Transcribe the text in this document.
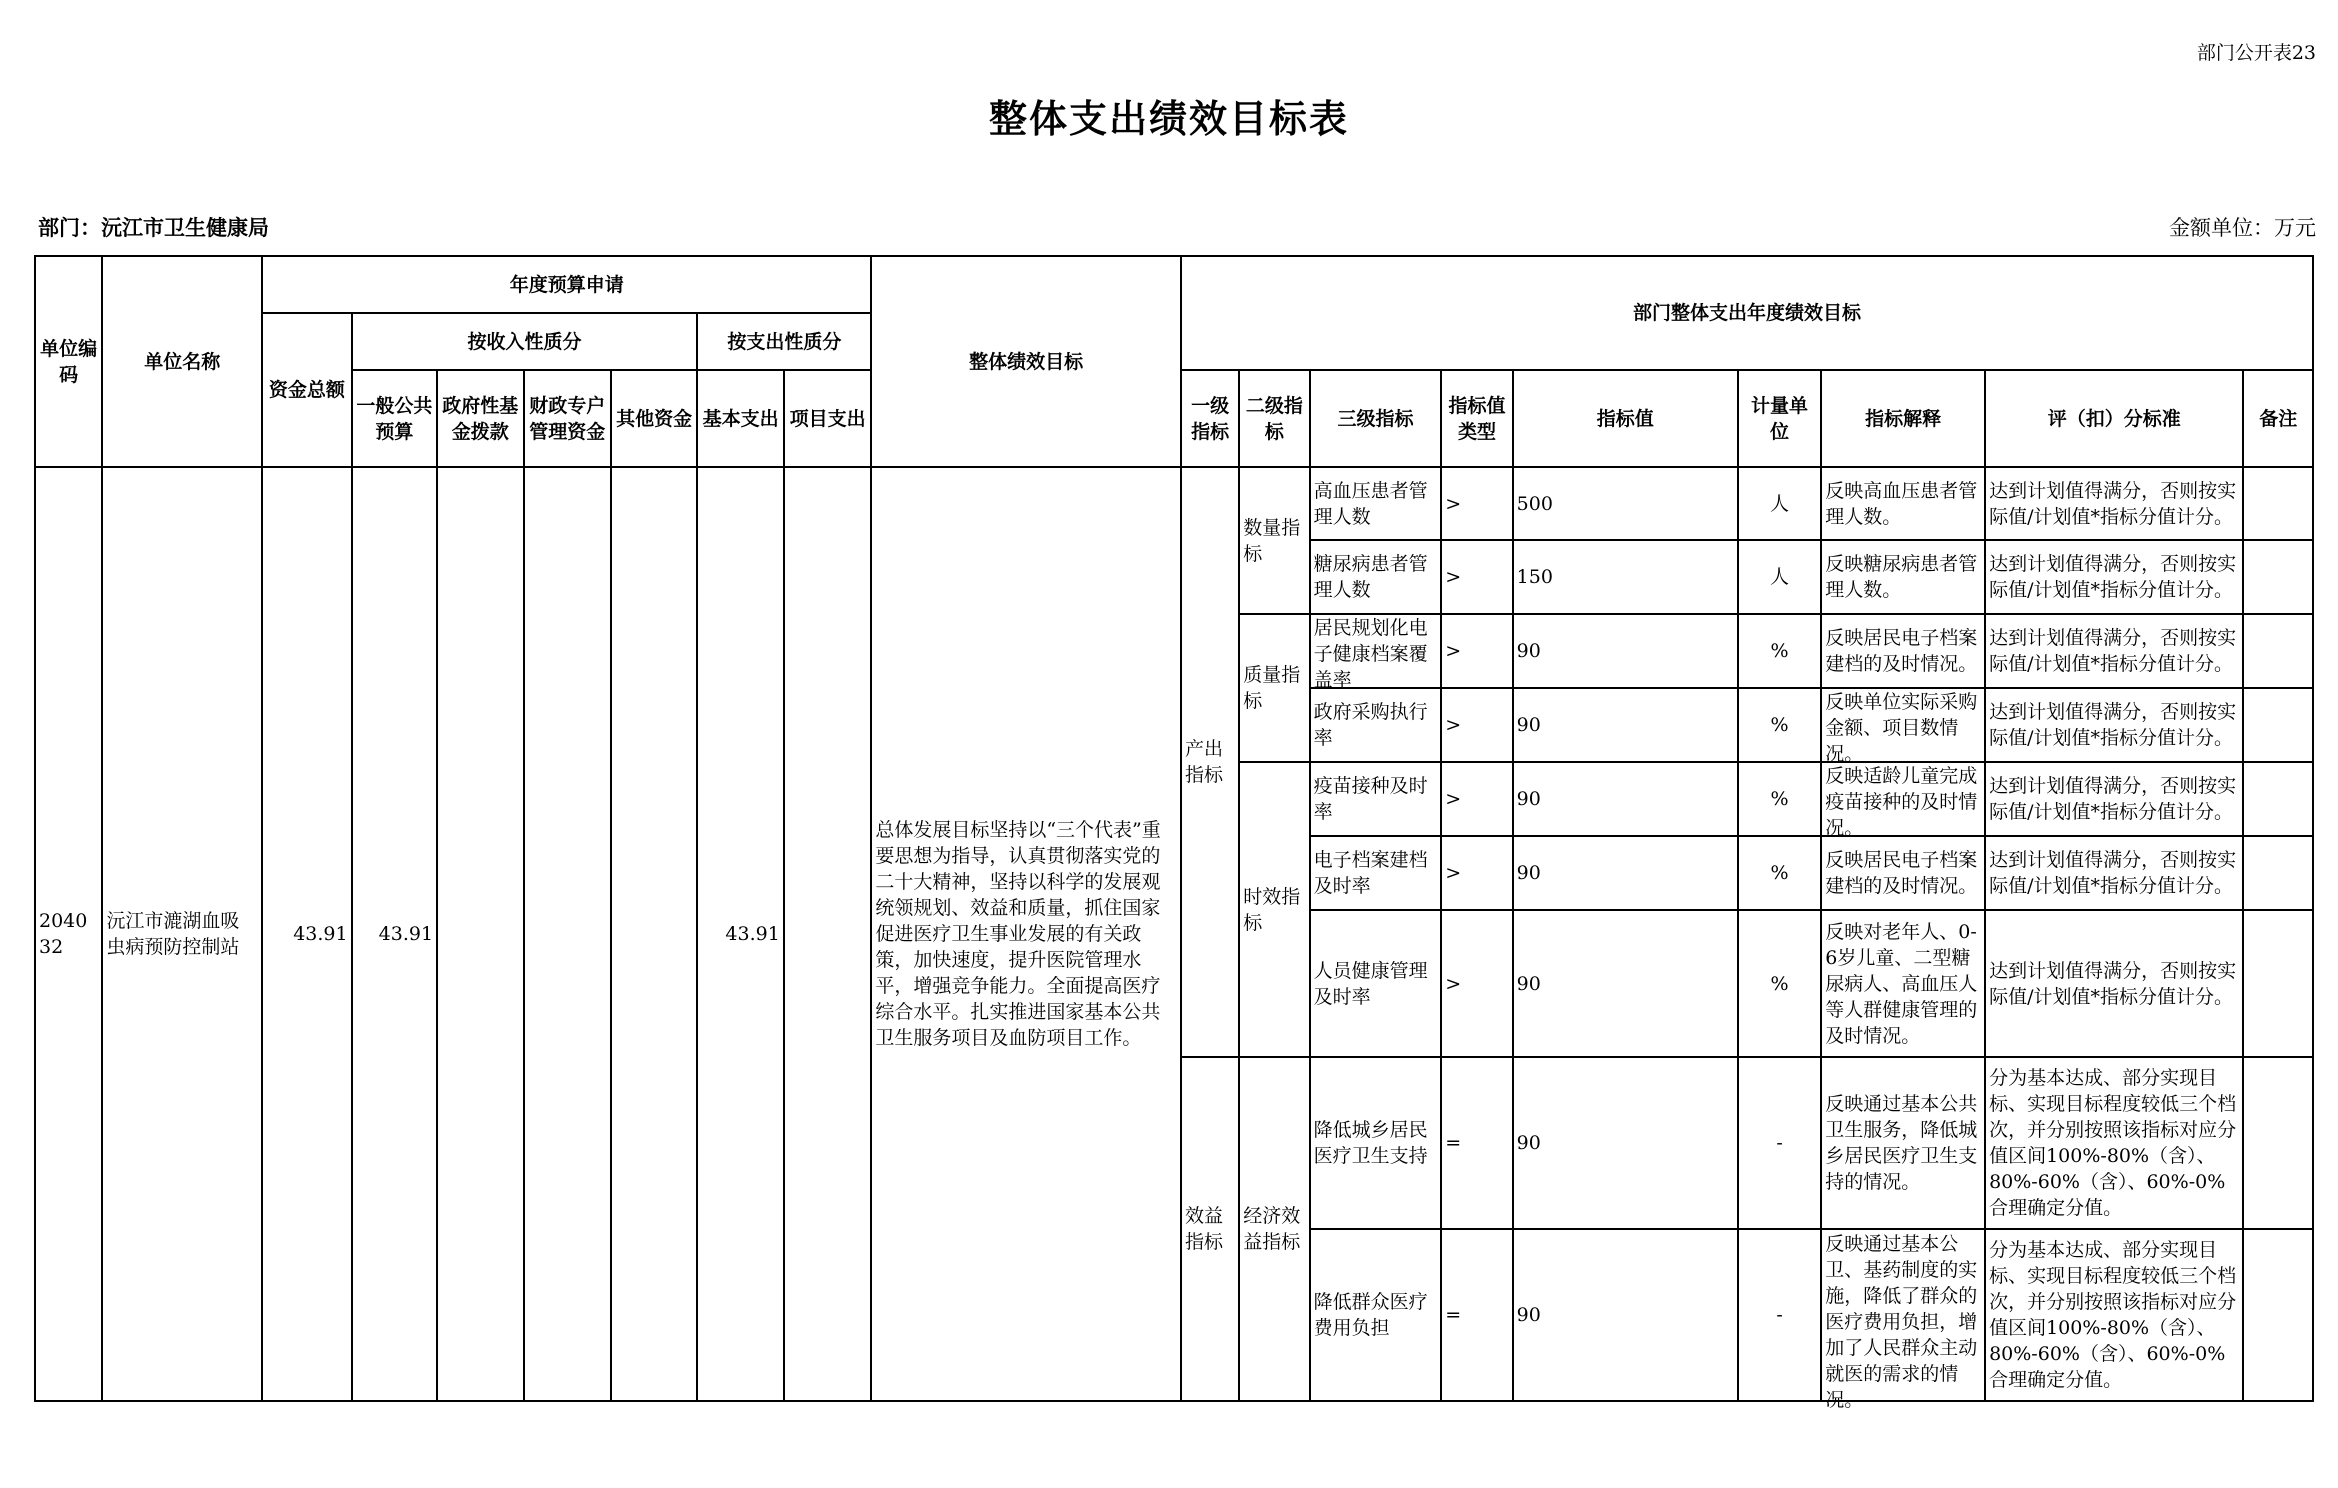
部门公开表23
整体支出绩效目标表
部门：沅江市卫生健康局	金额单位：万元
单位编码	单位名称	年度预算申请							整体绩效目标	部门整体支出年度绩效目标								
		资金总额	按收入性质分				按支出性质分											
			一般公共预算	政府性基金拨款	财政专户管理资金	其他资金	基本支出	项目支出		一级指标	二级指标	三级指标	指标值类型	指标值	计量单位	指标解释	评（扣）分标准	备注
204032	沅江市漉湖血吸虫病预防控制站	43.91	43.91				43.91		总体发展目标坚持以“三个代表”重要思想为指导，认真贯彻落实党的二十大精神，坚持以科学的发展观统领规划、效益和质量，抓住国家促进医疗卫生事业发展的有关政策，加快速度，提升医院管理水平，增强竞争能力。全面提高医疗综合水平。扎实推进国家基本公共卫生服务项目及血防项目工作。	产出指标	数量指标	高血压患者管理人数	>	500	人	反映高血压患者管理人数。	达到计划值得满分，否则按实际值/计划值*指标分值计分。	

												糖尿病患者管理人数	>	150	人	反映糖尿病患者管理人数。	达到计划值得满分，否则按实际值/计划值*指标分值计分。	

											质量指标	居民规划化电子健康档案覆盖率	>	90	%	反映居民电子档案建档的及时情况。	达到计划值得满分，否则按实际值/计划值*指标分值计分。	

												政府采购执行率	>	90	%	反映单位实际采购金额、项目数情况。	达到计划值得满分，否则按实际值/计划值*指标分值计分。	

											时效指标	疫苗接种及时率	>	90	%	反映适龄儿童完成疫苗接种的及时情况。	达到计划值得满分，否则按实际值/计划值*指标分值计分。	

												电子档案建档及时率	>	90	%	反映居民电子档案建档的及时情况。	达到计划值得满分，否则按实际值/计划值*指标分值计分。	

												人员健康管理及时率	>	90	%	反映对老年人、0-6岁儿童、二型糖尿病人、高血压人等人群健康管理的及时情况。	达到计划值得满分，否则按实际值/计划值*指标分值计分。	

										效益指标	经济效益指标	降低城乡居民医疗卫生支持	=	90	-	反映通过基本公共卫生服务，降低城乡居民医疗卫生支持的情况。	分为基本达成、部分实现目标、实现目标程度较低三个档次，并分别按照该指标对应分值区间100%-80%（含）、80%-60%（含）、60%-0%合理确定分值。	

												降低群众医疗费用负担	=	90	-	反映通过基本公卫、基药制度的实施，降低了群众的医疗费用负担，增加了人民群众主动就医的需求的情况。	分为基本达成、部分实现目标、实现目标程度较低三个档次，并分别按照该指标对应分值区间100%-80%（含）、80%-60%（含）、60%-0%合理确定分值。	
